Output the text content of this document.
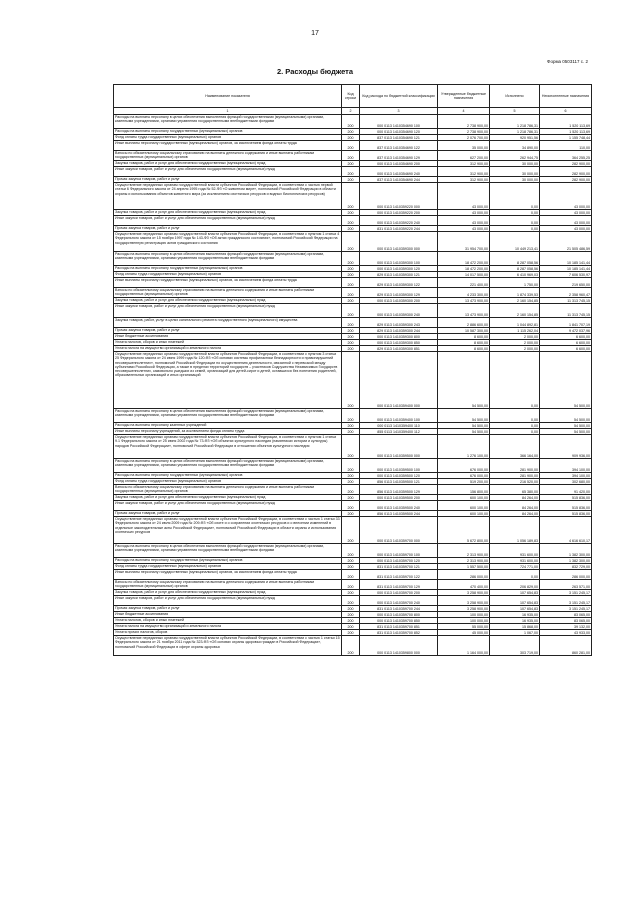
17
Форма 0503117 с. 2
2. Расходы бюджета
Наименование показателя	Код строки	Код расхода по бюджетной классификации	Утвержденные бюджетные назначения	Исполнено	Неисполненные назначения
1	2	3	4	5	6
Расходы на выплаты персоналу в целях обеспечения выполнения функций государственными (муниципальными) органами, казенными учреждениями, органами управления государственными внебюджетными фондами	200	000 0113 1410354690 100	2 738 900,00	1 218 786,31	1 520 113,69
Расходы на выплаты персоналу государственных (муниципальных) органов	200	000 0113 1410354690 120	2 738 900,00	1 218 786,31	1 520 113,69
Фонд оплаты труда государственных (муниципальных) органов	200	837 0113 1410354690 121	2 076 700,00	920 951,56	1 155 748,44
Иные выплаты персоналу государственных (муниципальных) органов, за исключением фонда оплаты труда	200	837 0113 1410354690 122	35 000,00	34 890,00	110,00
Взносы по обязательному социальному страхованию на выплаты денежного содержания и иные выплаты работникам государственных (муниципальных) органов	200	837 0113 1410354690 129	627 200,00	262 944,75	364 255,25
Закупка товаров, работ и услуг для обеспечения государственных (муниципальных) нужд	200	000 0113 1410354690 200	312 900,00	30 000,00	282 900,00
Иные закупки товаров, работ и услуг для обеспечения государственных (муниципальных) нужд	200	000 0113 1410354690 240	312 900,00	30 000,00	282 900,00
Прочая закупка товаров, работ и услуг	200	837 0113 1410354690 244	312 900,00	30 000,00	282 900,00
Осуществление переданных органам государственной власти субъектов Российской Федерации, в соответствии с частью первой статьи 6 Федерального закона от 24 апреля 1995 года № 52-ФЗ «О животном мире», полномочий Российской Федерации в области охраны и использования объектов животного мира (за исключением охотничьих ресурсов и водных биологических ресурсов)	200	000 0113 1410359220 000	43 000,00	0,00	43 000,00
Закупка товаров, работ и услуг для обеспечения государственных (муниципальных) нужд	200	000 0113 1410359220 200	43 000,00	0,00	43 000,00
Иные закупки товаров, работ и услуг для обеспечения государственных (муниципальных) нужд	200	000 0113 1410359220 240	43 000,00	0,00	43 000,00
Прочая закупка товаров, работ и услуг	200	831 0113 1410359220 244	43 000,00	0,00	43 000,00
Осуществление переданных органам государственной власти субъектов Российской Федерации, в соответствии с пунктом 1 статьи 4 Федерального закона от 15 ноября 1997 года № 143-ФЗ «Об актах гражданского состояния», полномочий Российской Федерации на государственную регистрацию актов гражданского состояния	200	000 0113 1410359300 000	31 954 700,00	10 449 213,41	21 505 486,59
Расходы на выплаты персоналу в целях обеспечения выполнения функций государственными (муниципальными) органами, казенными учреждениями, органами управления государственными внебюджетными фондами	200	000 0113 1410359300 100	18 472 200,00	8 287 058,56	10 185 141,44
Расходы на выплаты персоналу государственных (муниципальных) органов	200	000 0113 1410359300 120	18 472 200,00	8 287 058,56	10 185 141,44
Фонд оплаты труда государственных (муниципальных) органов	200	829 0113 1410359300 121	14 017 500,00	6 410 969,03	7 606 530,97
Иные выплаты персоналу государственных (муниципальных) органов, за исключением фонда оплаты труда	200	829 0113 1410359300 122	221 400,00	1 750,00	219 650,00
Взносы по обязательному социальному страхованию на выплаты денежного содержания и иные выплаты работникам государственных (муниципальных) органов	200	829 0113 1410359300 129	4 233 300,00	1 874 339,53	2 358 960,47
Закупка товаров, работ и услуг для обеспечения государственных (муниципальных) нужд	200	000 0113 1410359300 200	13 473 900,00	2 160 154,85	11 313 745,15
Иные закупки товаров, работ и услуг для обеспечения государственных (муниципальных) нужд	200	000 0113 1410359300 240	13 473 900,00	2 160 154,85	11 313 745,15
Закупка товаров, работ, услуг в целях капитального ремонта государственного (муниципального) имущества	200	829 0113 1410359300 243	2 886 600,00	1 044 892,81	1 841 707,19
Прочая закупка товаров, работ и услуг	200	829 0113 1410359300 244	10 587 300,00	1 115 262,04	9 472 037,96
Иные бюджетные ассигнования	200	000 0113 1410359300 800	8 600,00	2 000,00	6 600,00
Уплата налогов, сборов и иных платежей	200	000 0113 1410359300 850	8 600,00	2 000,00	6 600,00
Уплата налога на имущество организаций и земельного налога	200	829 0113 1410359300 851	8 600,00	2 000,00	6 600,00
Осуществление переданных органам государственной власти субъектов Российской Федерации, в соответствии с пунктом 3 статьи 25 Федерального закона от 24 июня 1999 года № 120-ФЗ «Об основах системы профилактики безнадзорности и правонарушений несовершеннолетних», полномочий Российской Федерации по осуществлению деятельности, связанной с перевозкой между субъектами Российской Федерации, а также в пределах территорий государств – участников Содружества Независимых Государств несовершеннолетних, самовольно ушедших из семей, организаций для детей-сирот и детей, оставшихся без попечения родителей, образовательных организаций и иных организаций	200	000 0113 1410359400 000	54 500,00	0,00	54 500,00
Расходы на выплаты персоналу в целях обеспечения выполнения функций государственными (муниципальными) органами, казенными учреждениями, органами управления государственными внебюджетными фондами	200	000 0113 1410359400 100	54 500,00	0,00	54 500,00
Расходы на выплаты персоналу казенных учреждений	200	000 0113 1410359400 110	54 500,00	0,00	54 500,00
Иные выплаты персоналу учреждений, за исключением фонда оплаты труда	200	855 0113 1410359400 112	54 500,00	0,00	54 500,00
Осуществление переданных органам государственной власти субъектов Российской Федерации, в соответствии с пунктом 1 статьи 9.1 Федерального закона от 25 июня 2002 года № 73-ФЗ «Об объектах культурного наследия (памятниках истории и культуры) народов Российской Федерации», полномочий Российской Федерации в отношении объектов культурного наследия	200	000 0113 1410359500 000	1 276 100,00	366 164,00	909 936,00
Расходы на выплаты персоналу в целях обеспечения выполнения функций государственными (муниципальными) органами, казенными учреждениями, органами управления государственными внебюджетными фондами	200	000 0113 1410359500 100	676 000,00	281 900,00	394 100,00
Расходы на выплаты персоналу государственных (муниципальных) органов	200	000 0113 1410359500 120	676 000,00	281 900,00	394 100,00
Фонд оплаты труда государственных (муниципальных) органов	200	856 0113 1410359500 121	519 200,00	216 520,00	302 680,00
Взносы по обязательному социальному страхованию на выплаты денежного содержания и иные выплаты работникам государственных (муниципальных) органов	200	856 0113 1410359500 129	156 800,00	65 380,00	91 420,00
Закупка товаров, работ и услуг для обеспечения государственных (муниципальных) нужд	200	000 0113 1410359500 200	600 100,00	84 264,00	515 836,00
Иные закупки товаров, работ и услуг для обеспечения государственных (муниципальных) нужд	200	000 0113 1410359500 240	600 100,00	84 264,00	515 836,00
Прочая закупка товаров, работ и услуг	200	856 0113 1410359500 244	600 100,00	84 264,00	515 836,00
Осуществление переданных органам государственной власти субъектов Российской Федерации, в соответствии с частью 1 статьи 33 Федерального закона от 24 июля 2009 года № 209-ФЗ «Об охоте и о сохранении охотничьих ресурсов и о внесении изменений в отдельные законодательные акты Российской Федерации», полномочий Российской Федерации в области охраны и использования охотничьих ресурсов	200	000 0113 1410359700 000	5 672 800,00	1 056 189,83	4 616 610,17
Расходы на выплаты персоналу в целях обеспечения выполнения функций государственными (муниципальными) органами, казенными учреждениями, органами управления государственными внебюджетными фондами	200	000 0113 1410359700 100	2 313 900,00	931 600,00	1 382 300,00
Расходы на выплаты персоналу государственных (муниципальных) органов	200	000 0113 1410359700 120	2 313 900,00	931 600,00	1 382 300,00
Фонд оплаты труда государственных (муниципальных) органов	200	831 0113 1410359700 121	1 557 500,00	724 771,00	832 729,00
Иные выплаты персоналу государственных (муниципальных) органов, за исключением фонда оплаты труда	200	831 0113 1410359700 122	286 000,00	0,00	286 000,00
Взносы по обязательному социальному страхованию на выплаты денежного содержания и иные выплаты работникам государственных (муниципальных) органов	200	831 0113 1410359700 129	470 400,00	206 829,00	263 571,00
Закупка товаров, работ и услуг для обеспечения государственных (муниципальных) нужд	200	000 0113 1410359700 200	3 258 900,00	107 654,83	3 151 245,17
Иные закупки товаров, работ и услуг для обеспечения государственных (муниципальных) нужд	200	000 0113 1410359700 240	3 258 900,00	107 654,83	3 151 245,17
Прочая закупка товаров, работ и услуг	200	831 0113 1410359700 244	3 258 900,00	107 654,83	3 151 245,17
Иные бюджетные ассигнования	200	000 0113 1410359700 800	100 000,00	16 935,00	83 065,00
Уплата налогов, сборов и иных платежей	200	000 0113 1410359700 850	100 000,00	16 935,00	83 065,00
Уплата налога на имущество организаций и земельного налога	200	831 0113 1410359700 851	55 000,00	15 868,00	39 132,00
Уплата прочих налогов, сборов	200	831 0113 1410359700 852	45 000,00	1 067,00	43 933,00
Осуществление переданных органам государственной власти субъектов Российской Федерации, в соответствии с частью 1 статьи 15 Федерального закона от 21 ноября 2011 года № 323-ФЗ «Об основах охраны здоровья граждан в Российской Федерации», полномочий Российской Федерации в сфере охраны здоровья	200	000 0113 1410359800 000	1 164 000,00	303 719,00	860 281,00
